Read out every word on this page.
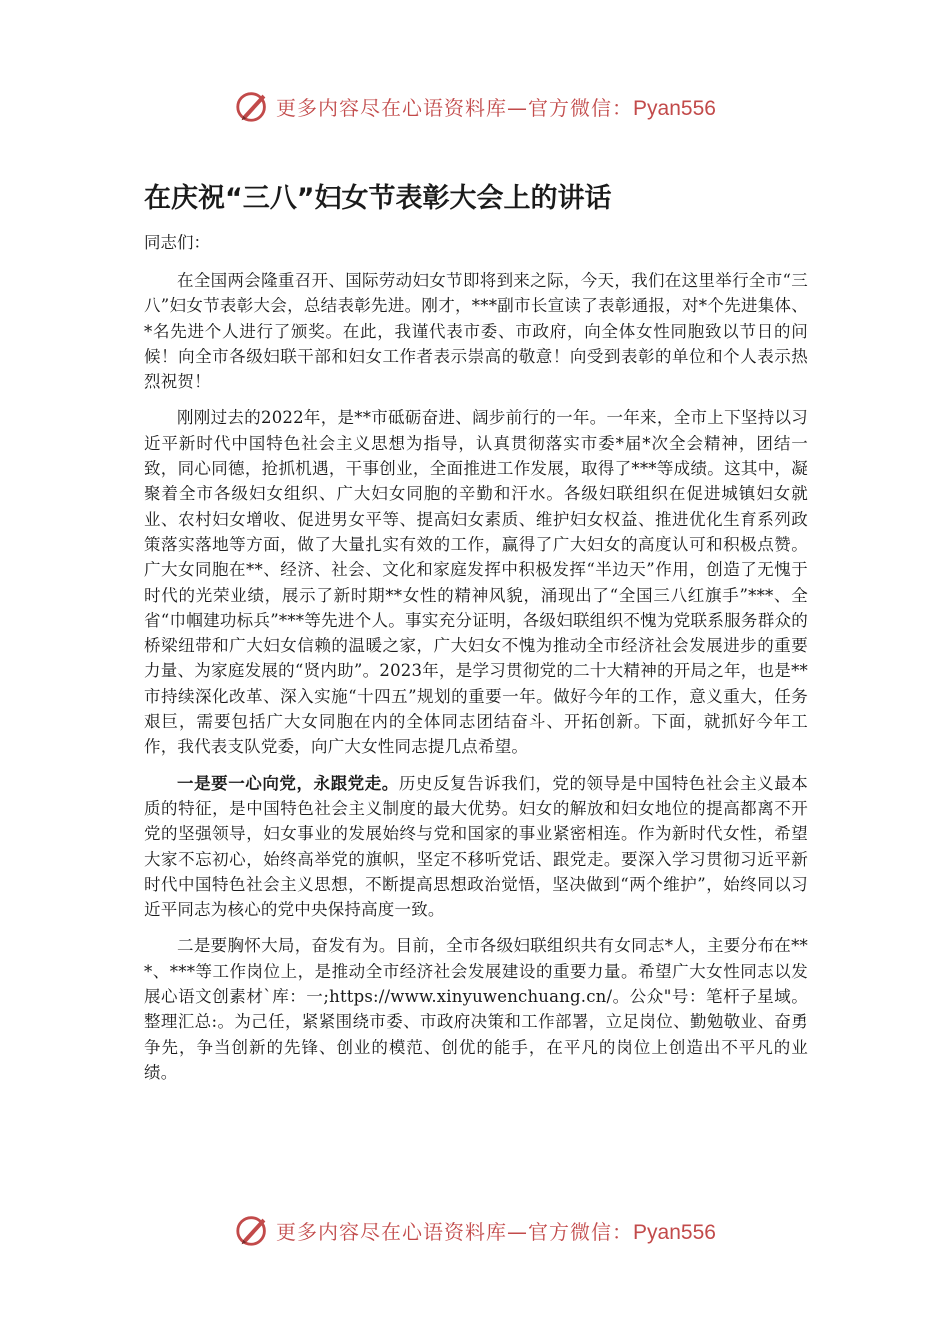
更多内容尽在心语资料库—官方微信：Pyan556
在庆祝“三八”妇女节表彰大会上的讲话

同志们：

在全国两会隆重召开、国际劳动妇女节即将到来之际，今天，我们在这里举行全市“三八”妇女节表彰大会，总结表彰先进。刚才，***副市长宣读了表彰通报，对*个先进集体、*名先进个人进行了颁奖。在此，我谨代表市委、市政府，向全体女性同胞致以节日的问候！向全市各级妇联干部和妇女工作者表示崇高的敬意！向受到表彰的单位和个人表示热烈祝贺！

刚刚过去的2022年，是**市砥砺奋进、阔步前行的一年。一年来，全市上下坚持以习近平新时代中国特色社会主义思想为指导，认真贯彻落实市委*届*次全会精神，团结一致，同心同德，抢抓机遇，干事创业，全面推进工作发展，取得了***等成绩。这其中，凝聚着全市各级妇女组织、广大妇女同胞的辛勤和汗水。各级妇联组织在促进城镇妇女就业、农村妇女增收、促进男女平等、提高妇女素质、维护妇女权益、推进优化生育系列政策落实落地等方面，做了大量扎实有效的工作，赢得了广大妇女的高度认可和积极点赞。广大女同胞在**、经济、社会、文化和家庭发挥中积极发挥“半边天”作用，创造了无愧于时代的光荣业绩，展示了新时期**女性的精神风貌，涌现出了“全国三八红旗手”***、全省“巾帼建功标兵”***等先进个人。事实充分证明，各级妇联组织不愧为党联系服务群众的桥梁纽带和广大妇女信赖的温暖之家，广大妇女不愧为推动全市经济社会发展进步的重要力量、为家庭发展的“贤内助”。2023年，是学习贯彻党的二十大精神的开局之年，也是**市持续深化改革、深入实施“十四五”规划的重要一年。做好今年的工作，意义重大，任务艰巨，需要包括广大女同胞在内的全体同志团结奋斗、开拓创新。下面，就抓好今年工作，我代表支队党委，向广大女性同志提几点希望。

一是要一心向党，永跟党走。历史反复告诉我们，党的领导是中国特色社会主义最本质的特征，是中国特色社会主义制度的最大优势。妇女的解放和妇女地位的提高都离不开党的坚强领导，妇女事业的发展始终与党和国家的事业紧密相连。作为新时代女性，希望大家不忘初心，始终高举党的旗帜，坚定不移听党话、跟党走。要深入学习贯彻习近平新时代中国特色社会主义思想，不断提高思想政治觉悟，坚决做到“两个维护”，始终同以习近平同志为核心的党中央保持高度一致。

二是要胸怀大局，奋发有为。目前，全市各级妇联组织共有女同志*人，主要分布在***、***等工作岗位上，是推动全市经济社会发展建设的重要力量。希望广大女性同志以发展心语文创素材`库：一;https://www.xinyuwenchuang.cn/。公众"号：笔杆子星域。整理汇总:。为己任，紧紧围绕市委、市政府决策和工作部署，立足岗位、勤勉敬业、奋勇争先，争当创新的先锋、创业的模范、创优的能手，在平凡的岗位上创造出不平凡的业绩。

更多内容尽在心语资料库—官方微信：Pyan556
